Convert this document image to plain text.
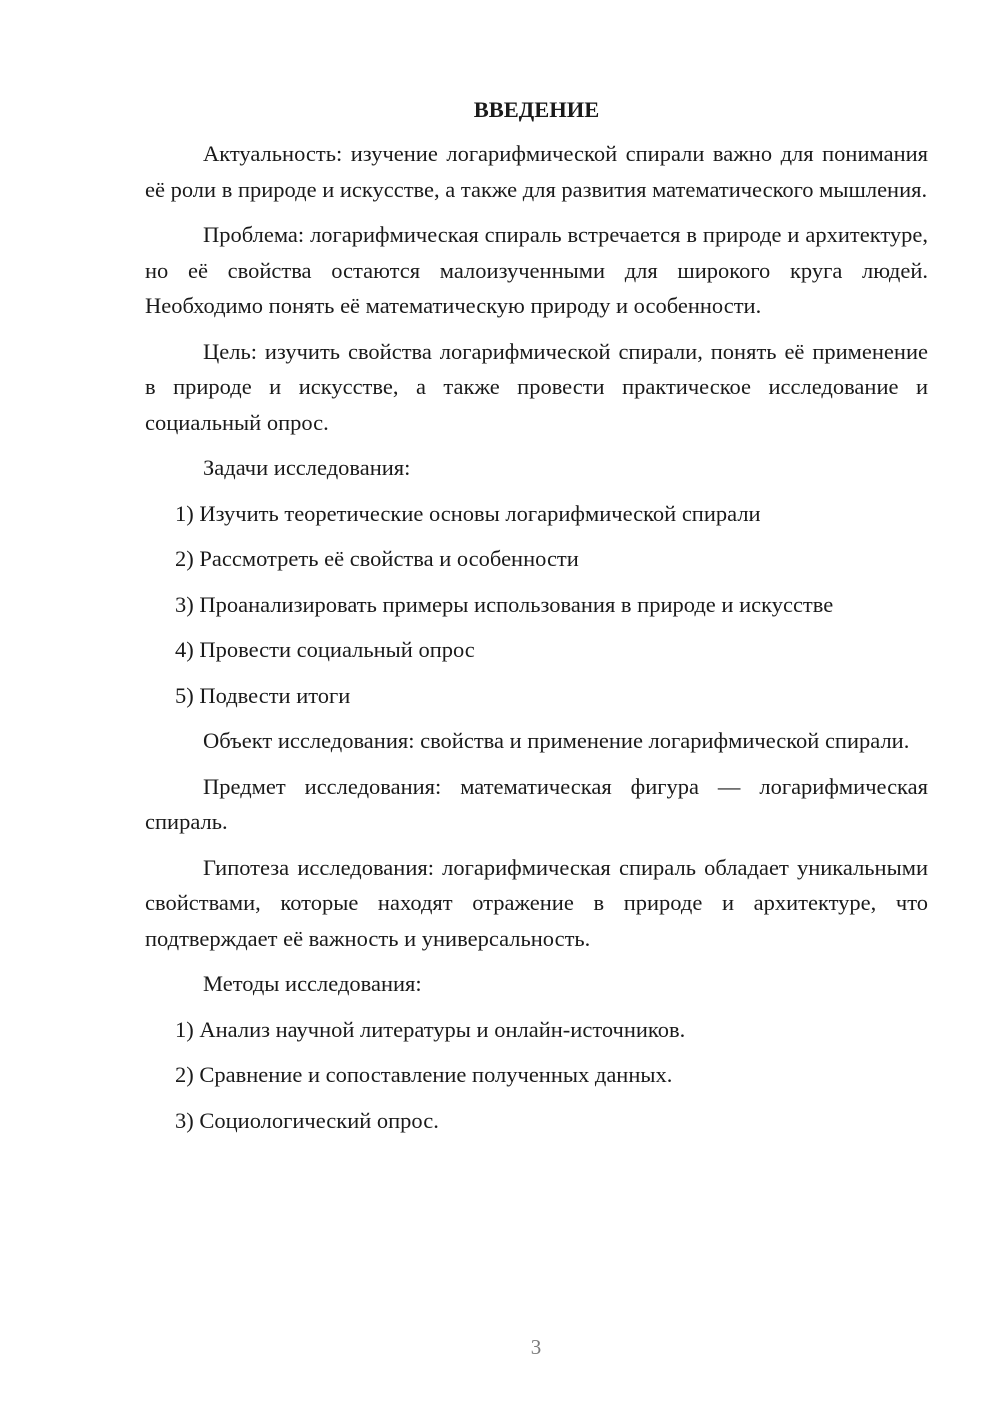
ВВЕДЕНИЕ

Актуальность: изучение логарифмической спирали важно для понимания её роли в природе и искусстве, а также для развития математического мышления.

Проблема: логарифмическая спираль встречается в природе и архитектуре, но её свойства остаются малоизученными для широкого круга людей. Необходимо понять её математическую природу и особенности.

Цель: изучить свойства логарифмической спирали, понять её применение в природе и искусстве, а также провести практическое исследование и социальный опрос.

Задачи исследования:

1) Изучить теоретические основы логарифмической спирали
2) Рассмотреть её свойства и особенности
3) Проанализировать примеры использования в природе и искусстве
4) Провести социальный опрос
5) Подвести итоги

Объект исследования: свойства и применение логарифмической спирали.

Предмет исследования: математическая фигура — логарифмическая спираль.

Гипотеза исследования: логарифмическая спираль обладает уникальными свойствами, которые находят отражение в природе и архитектуре, что подтверждает её важность и универсальность.

Методы исследования:

1) Анализ научной литературы и онлайн-источников.
2) Сравнение и сопоставление полученных данных.
3) Социологический опрос.
3
